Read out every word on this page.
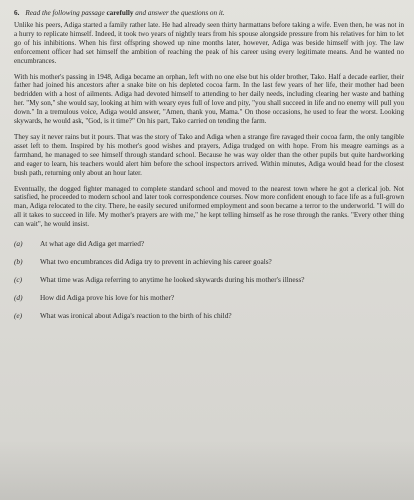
6. Read the following passage carefully and answer the questions on it.

Unlike his peers, Adiga started a family rather late. He had already seen thirty harmattans before taking a wife. Even then, he was not in a hurry to replicate himself. Indeed, it took two years of nightly tears from his spouse alongside pressure from his relatives for him to let go of his inhibitions. When his first offspring showed up nine months later, however, Adiga was beside himself with joy. The law enforcement officer had set himself the ambition of reaching the peak of his career using every legitimate means. And he wanted no encumbrances.

With his mother's passing in 1948, Adiga became an orphan, left with no one else but his older brother, Tako. Half a decade earlier, their father had joined his ancestors after a snake bite on his depleted cocoa farm. In the last few years of her life, their mother had been bedridden with a host of ailments. Adiga had devoted himself to attending to her daily needs, including clearing her waste and bathing her. "My son," she would say, looking at him with weary eyes full of love and pity, "you shall succeed in life and no enemy will pull you down." In a tremulous voice, Adiga would answer, "Amen, thank you, Mama." On those occasions, he used to fear the worst. Looking skywards, he would ask, "God, is it time?" On his part, Tako carried on tending the farm.

They say it never rains but it pours. That was the story of Tako and Adiga when a strange fire ravaged their cocoa farm, the only tangible asset left to them. Inspired by his mother's good wishes and prayers, Adiga trudged on with hope. From his meagre earnings as a farmhand, he managed to see himself through standard school. Because he was way older than the other pupils but quite hardworking and eager to learn, his teachers would alert him before the school inspectors arrived. Within minutes, Adiga would head for the closest bush path, returning only about an hour later.

Eventually, the dogged fighter managed to complete standard school and moved to the nearest town where he got a clerical job. Not satisfied, he proceeded to modern school and later took correspondence courses. Now more confident enough to face life as a full-grown man, Adiga relocated to the city. There, he easily secured uniformed employment and soon became a terror to the underworld. "I will do all it takes to succeed in life. My mother's prayers are with me," he kept telling himself as he rose through the ranks. "Every other thing can wait", he would insist.

(a)	At what age did Adiga get married?
(b)	What two encumbrances did Adiga try to prevent in achieving his career goals?
(c)	What time was Adiga referring to anytime he looked skywards during his mother's illness?
(d)	How did Adiga prove his love for his mother?
(e)	What was ironical about Adiga's reaction to the birth of his child?
